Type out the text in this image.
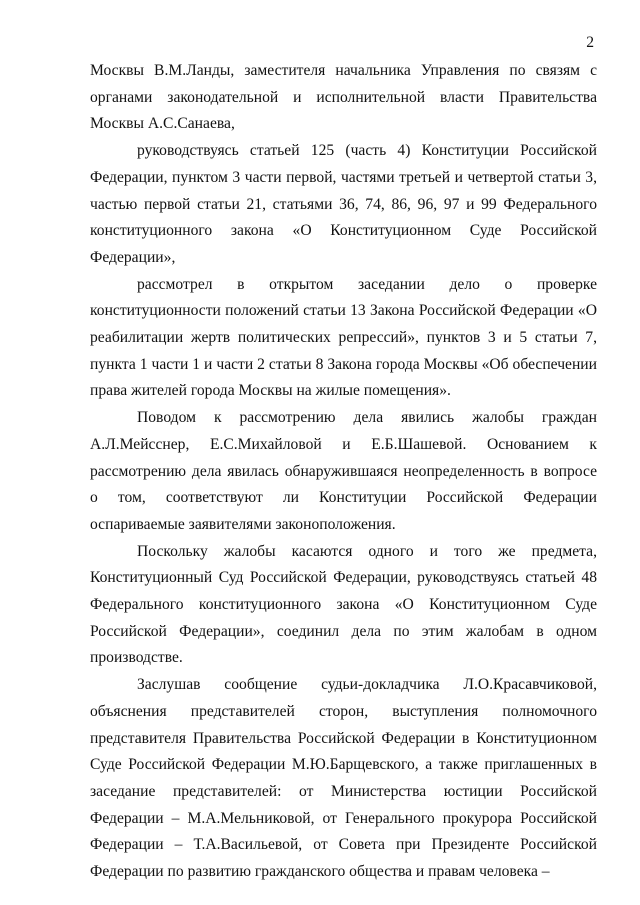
2

Москвы В.М.Ланды, заместителя начальника Управления по связям с органами законодательной и исполнительной власти Правительства Москвы А.С.Санаева,

руководствуясь статьей 125 (часть 4) Конституции Российской Федерации, пунктом 3 части первой, частями третьей и четвертой статьи 3, частью первой статьи 21, статьями 36, 74, 86, 96, 97 и 99 Федерального конституционного закона «О Конституционном Суде Российской Федерации»,

рассмотрел в открытом заседании дело о проверке конституционности положений статьи 13 Закона Российской Федерации «О реабилитации жертв политических репрессий», пунктов 3 и 5 статьи 7, пункта 1 части 1 и части 2 статьи 8 Закона города Москвы «Об обеспечении права жителей города Москвы на жилые помещения».

Поводом к рассмотрению дела явились жалобы граждан А.Л.Мейсснер, Е.С.Михайловой и Е.Б.Шашевой. Основанием к рассмотрению дела явилась обнаружившаяся неопределенность в вопросе о том, соответствуют ли Конституции Российской Федерации оспариваемые заявителями законоположения.

Поскольку жалобы касаются одного и того же предмета, Конституционный Суд Российской Федерации, руководствуясь статьей 48 Федерального конституционного закона «О Конституционном Суде Российской Федерации», соединил дела по этим жалобам в одном производстве.

Заслушав сообщение судьи-докладчика Л.О.Красавчиковой, объяснения представителей сторон, выступления полномочного представителя Правительства Российской Федерации в Конституционном Суде Российской Федерации М.Ю.Барщевского, а также приглашенных в заседание представителей: от Министерства юстиции Российской Федерации – М.А.Мельниковой, от Генерального прокурора Российской Федерации – Т.А.Васильевой, от Совета при Президенте Российской Федерации по развитию гражданского общества и правам человека –
